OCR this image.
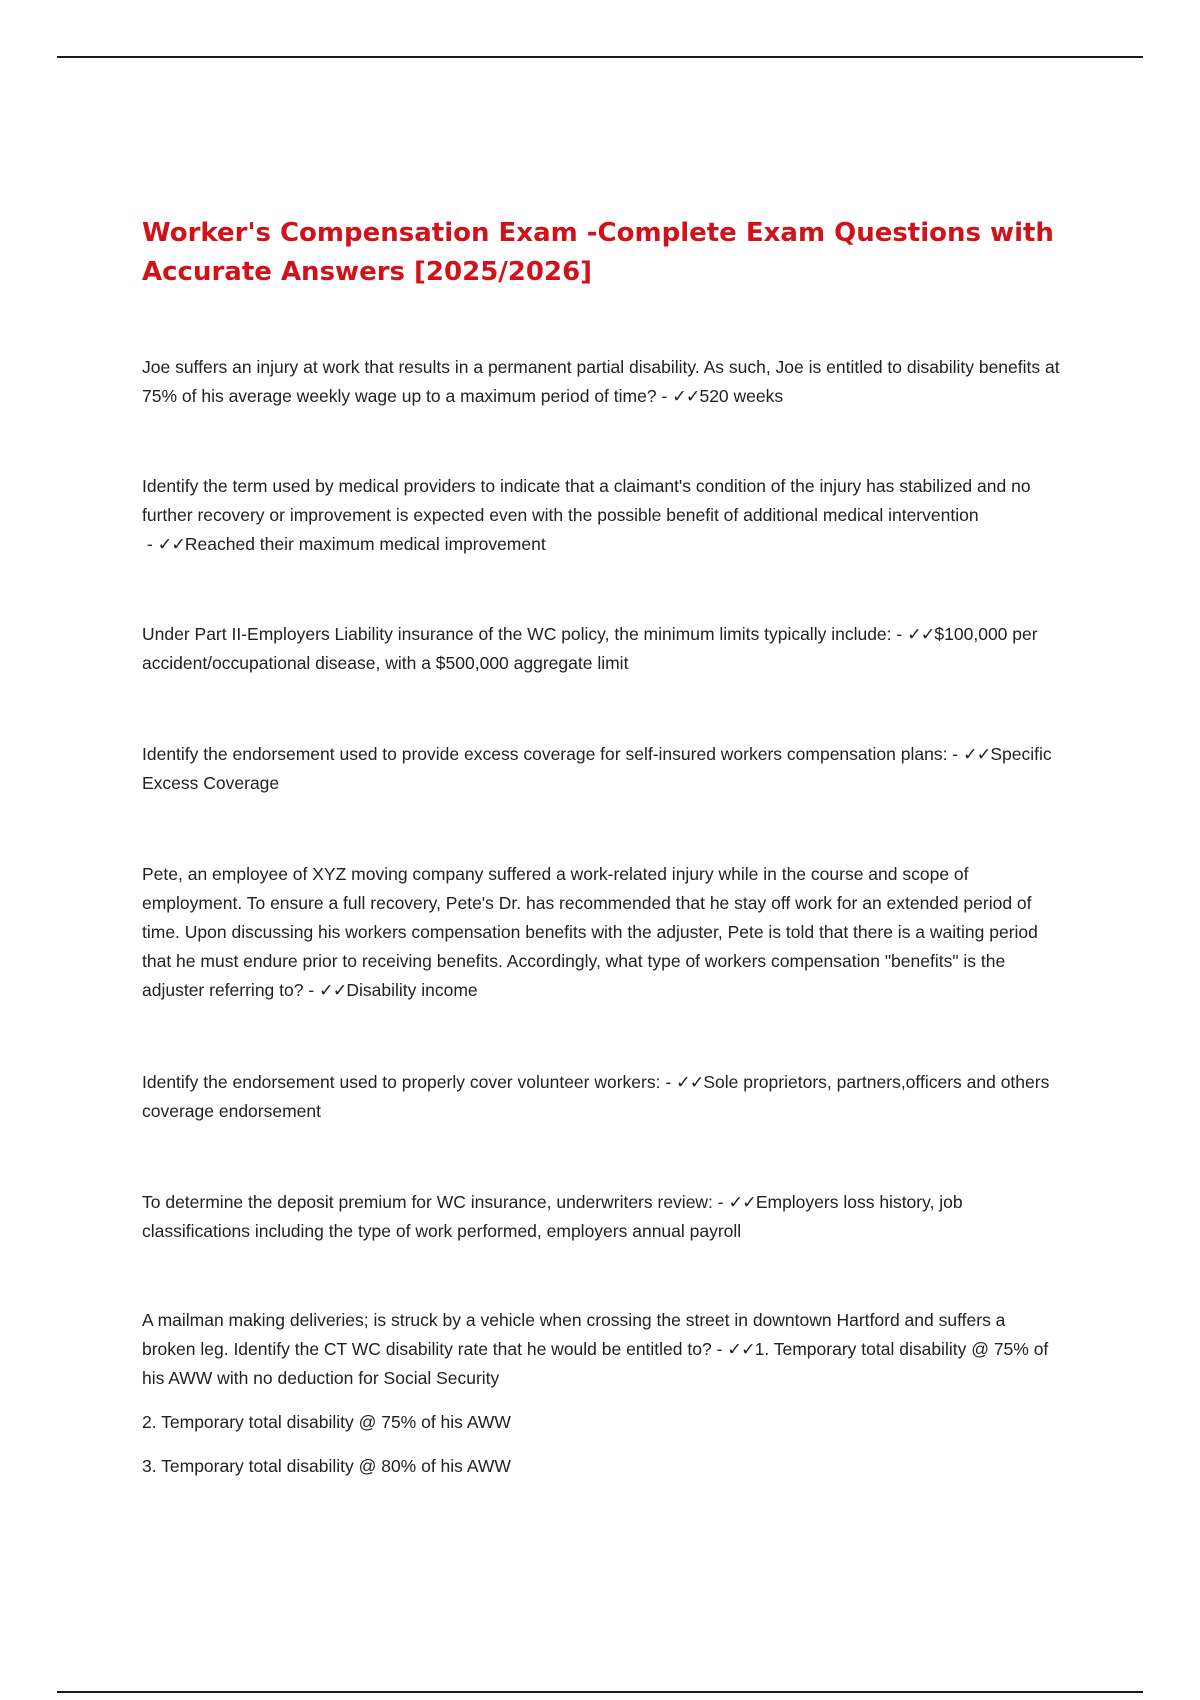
Worker's Compensation Exam -Complete Exam Questions with Accurate Answers [2025/2026]

Joe suffers an injury at work that results in a permanent partial disability. As such, Joe is entitled to disability benefits at 75% of his average weekly wage up to a maximum period of time? - ✓✓520 weeks

Identify the term used by medical providers to indicate that a claimant's condition of the injury has stabilized and no further recovery or improvement is expected even with the possible benefit of additional medical intervention - ✓✓Reached their maximum medical improvement

Under Part II-Employers Liability insurance of the WC policy, the minimum limits typically include: - ✓✓$100,000 per accident/occupational disease, with a $500,000 aggregate limit

Identify the endorsement used to provide excess coverage for self-insured workers compensation plans: - ✓✓Specific Excess Coverage

Pete, an employee of XYZ moving company suffered a work-related injury while in the course and scope of employment. To ensure a full recovery, Pete's Dr. has recommended that he stay off work for an extended period of time. Upon discussing his workers compensation benefits with the adjuster, Pete is told that there is a waiting period that he must endure prior to receiving benefits. Accordingly, what type of workers compensation "benefits" is the adjuster referring to? - ✓✓Disability income

Identify the endorsement used to properly cover volunteer workers: - ✓✓Sole proprietors, partners,officers and others coverage endorsement

To determine the deposit premium for WC insurance, underwriters review: - ✓✓Employers loss history, job classifications including the type of work performed, employers annual payroll

A mailman making deliveries; is struck by a vehicle when crossing the street in downtown Hartford and suffers a broken leg. Identify the CT WC disability rate that he would be entitled to? - ✓✓1. Temporary total disability @ 75% of his AWW with no deduction for Social Security

2. Temporary total disability @ 75% of his AWW

3. Temporary total disability @ 80% of his AWW
